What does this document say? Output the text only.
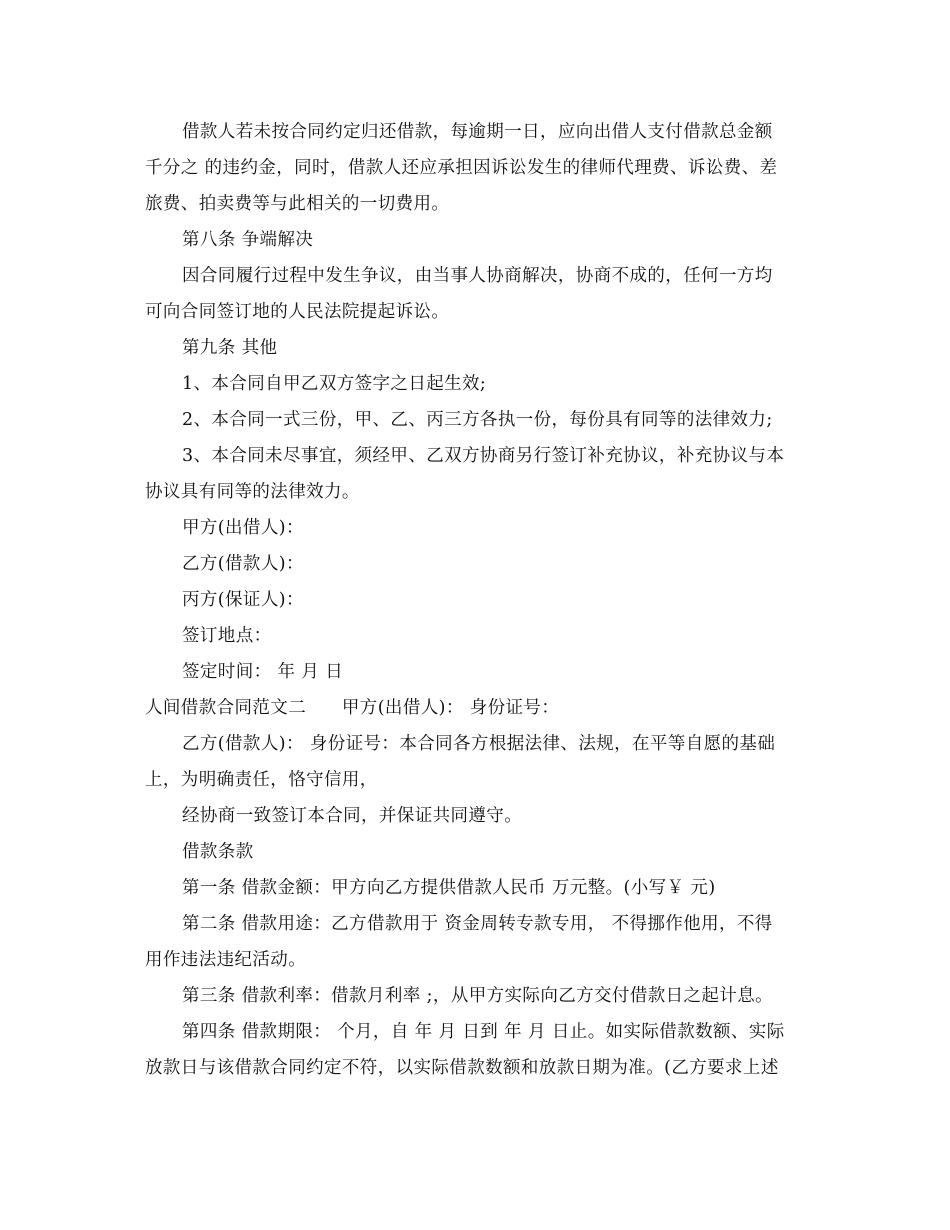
借款人若未按合同约定归还借款，每逾期一日，应向出借人支付借款总金额
千分之 的违约金，同时，借款人还应承担因诉讼发生的律师代理费、诉讼费、差
旅费、拍卖费等与此相关的一切费用。
第八条 争端解决
因合同履行过程中发生争议，由当事人协商解决，协商不成的，任何一方均
可向合同签订地的人民法院提起诉讼。
第九条 其他
1、本合同自甲乙双方签字之日起生效;
2、本合同一式三份，甲、乙、丙三方各执一份，每份具有同等的法律效力;
3、本合同未尽事宜，须经甲、乙双方协商另行签订补充协议，补充协议与本
协议具有同等的法律效力。
甲方(出借人)：
乙方(借款人)：
丙方(保证人)：
签订地点：
签定时间： 年 月 日
人间借款合同范文二　　甲方(出借人)： 身份证号：
乙方(借款人)： 身份证号：本合同各方根据法律、法规，在平等自愿的基础
上，为明确责任，恪守信用，
经协商一致签订本合同，并保证共同遵守。
借款条款
第一条 借款金额：甲方向乙方提供借款人民币 万元整。(小写￥ 元)
第二条 借款用途：乙方借款用于 资金周转专款专用， 不得挪作他用，不得
用作违法违纪活动。
第三条 借款利率：借款月利率 ;，从甲方实际向乙方交付借款日之起计息。
第四条 借款期限： 个月，自 年 月 日到 年 月 日止。如实际借款数额、实际
放款日与该借款合同约定不符，以实际借款数额和放款日期为准。(乙方要求上述
